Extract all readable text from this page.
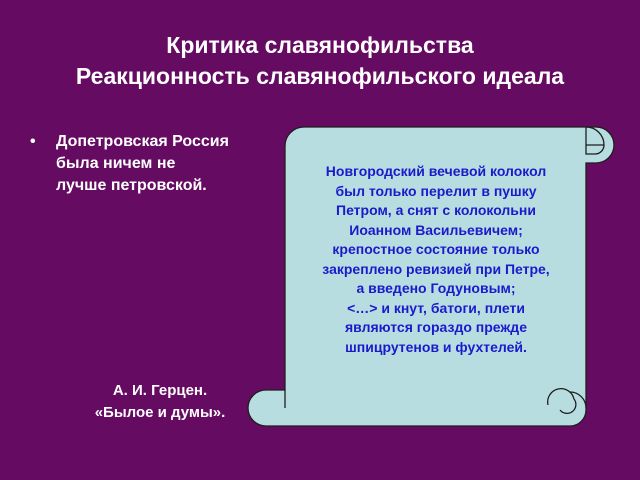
Критика славянофильства
Реакционность славянофильского идеала
• Допетровская Россия
была ничем не
лучше петровской.
А. И. Герцен.
«Былое и думы».
Новгородский вечевой колокол
был только перелит в пушку
Петром, а снят с колокольни
Иоанном Васильевичем;
крепостное состояние только
закреплено ревизией при Петре,
а введено Годуновым;
<…> и кнут, батоги, плети
являются гораздо прежде
шпицрутенов и фухтелей.
